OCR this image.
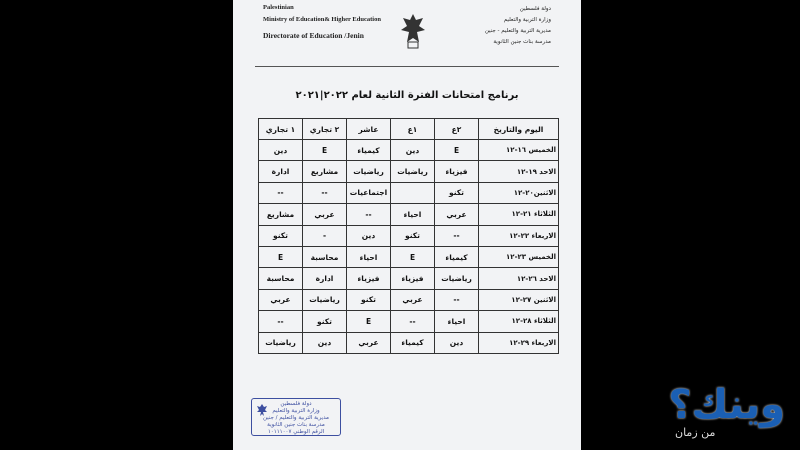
Palestinian
Ministry of Education& Higher Education
Directorate of Education /Jenin
دولة فلسطين
وزارة التربية والتعليم
مديرية التربية والتعليم - جنين
مدرسة بنات جنين الثانوية
برنامج امتحانات الفترة الثانية لعام ٢٠٢٢|٢٠٢١
اليوم والتاريخ	٢ع	١ع	عاشر	٢ تجاري	١ تجاري
الخميس ١٦-١٢	E	دين	كيمياء	E	دين
الاحد ١٩-١٢	فيزياء	رياضيات	رياضيات	مشاريع	ادارة
الاثنين٢٠-١٢	تكنو		اجتماعيات	--	--
الثلاثاء ٢١-١٢	عربي	احياء	--	عربي	مشاريع
الاربعاء ٢٢-١٢	--	تكنو	دين	-	تكنو
الخميس ٢٣-١٢	كيمياء	E	احياء	محاسبة	E
الاحد ٢٦-١٢	رياضيات	فيزياء	فيزياء	ادارة	محاسبة
الاثنين ٢٧-١٢	--	عربي	تكنو	رياضيات	عربي
الثلاثاء ٢٨-١٢	احياء	--	E	تكنو	--
الاربعاء ٢٩-١٢	دين	كيمياء	عربي	دين	رياضيات
دولة فلسطين
وزارة التربية والتعليم
مديرية التربية والتعليم / جنين
مدرسة بنات جنين الثانوية
الرقم الوطني ١٠١١١٠٠٧
وينك؟
من زمان
